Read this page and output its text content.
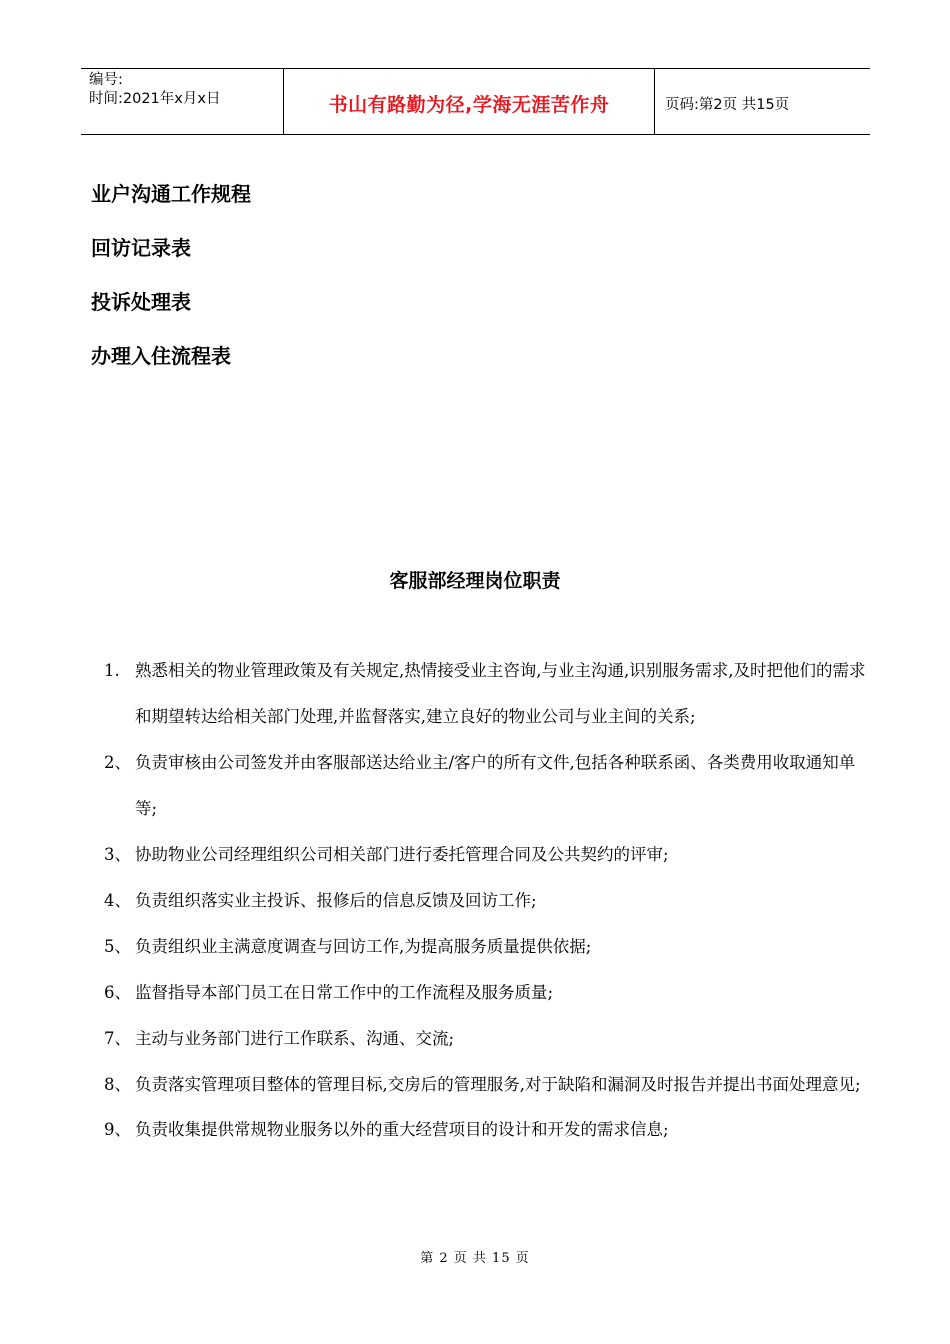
编号:
时间:2021年x月x日	书山有路勤为径,学海无涯苦作舟	页码:第2页 共15页
业户沟通工作规程
回访记录表
投诉处理表
办理入住流程表
客服部经理岗位职责
1. 熟悉相关的物业管理政策及有关规定,热情接受业主咨询,与业主沟通,识别服务需求,及时把他们的需求和期望转达给相关部门处理,并监督落实,建立良好的物业公司与业主间的关系;
2、 负责审核由公司签发并由客服部送达给业主/客户的所有文件,包括各种联系函、各类费用收取通知单等;
3、 协助物业公司经理组织公司相关部门进行委托管理合同及公共契约的评审;
4、 负责组织落实业主投诉、报修后的信息反馈及回访工作;
5、 负责组织业主满意度调查与回访工作,为提高服务质量提供依据;
6、 监督指导本部门员工在日常工作中的工作流程及服务质量;
7、 主动与业务部门进行工作联系、沟通、交流;
8、 负责落实管理项目整体的管理目标,交房后的管理服务,对于缺陷和漏洞及时报告并提出书面处理意见;
9、 负责收集提供常规物业服务以外的重大经营项目的设计和开发的需求信息;
第 2 页 共 15 页
